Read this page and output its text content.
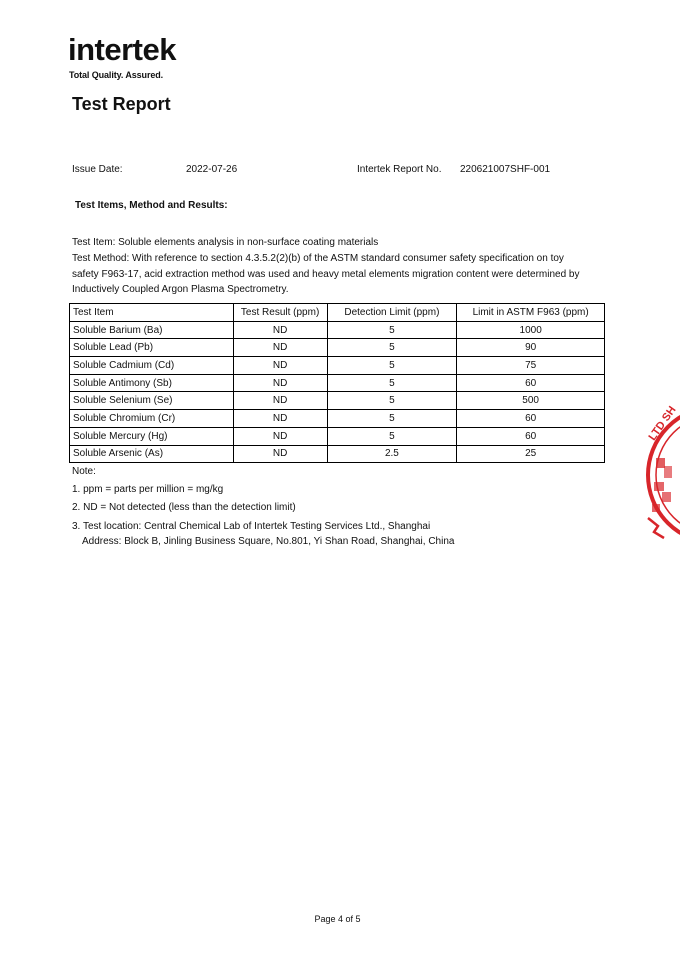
intertek
Total Quality. Assured.
Test Report
Issue Date:	2022-07-26	Intertek Report No. 220621007SHF-001
Test Items, Method and Results:
Test Item: Soluble elements analysis in non-surface coating materials
Test Method: With reference to section 4.3.5.2(2)(b) of the ASTM standard consumer safety specification on toy
safety F963-17, acid extraction method was used and heavy metal elements migration content were determined by
Inductively Coupled Argon Plasma Spectrometry.
Test Item	Test Result (ppm)	Detection Limit (ppm)	Limit in ASTM F963 (ppm)
Soluble Barium (Ba)	ND	5	1000
Soluble Lead (Pb)	ND	5	90
Soluble Cadmium (Cd)	ND	5	75
Soluble Antimony (Sb)	ND	5	60
Soluble Selenium (Se)	ND	5	500
Soluble Chromium (Cr)	ND	5	60
Soluble Mercury (Hg)	ND	5	60
Soluble Arsenic (As)	ND	2.5	25
Note:
1. ppm = parts per million = mg/kg
2. ND = Not detected (less than the detection limit)
3. Test location: Central Chemical Lab of Intertek Testing Services Ltd., Shanghai
Address: Block B, Jinling Business Square, No.801, Yi Shan Road, Shanghai, China
LTD SH
Page 4 of 5
